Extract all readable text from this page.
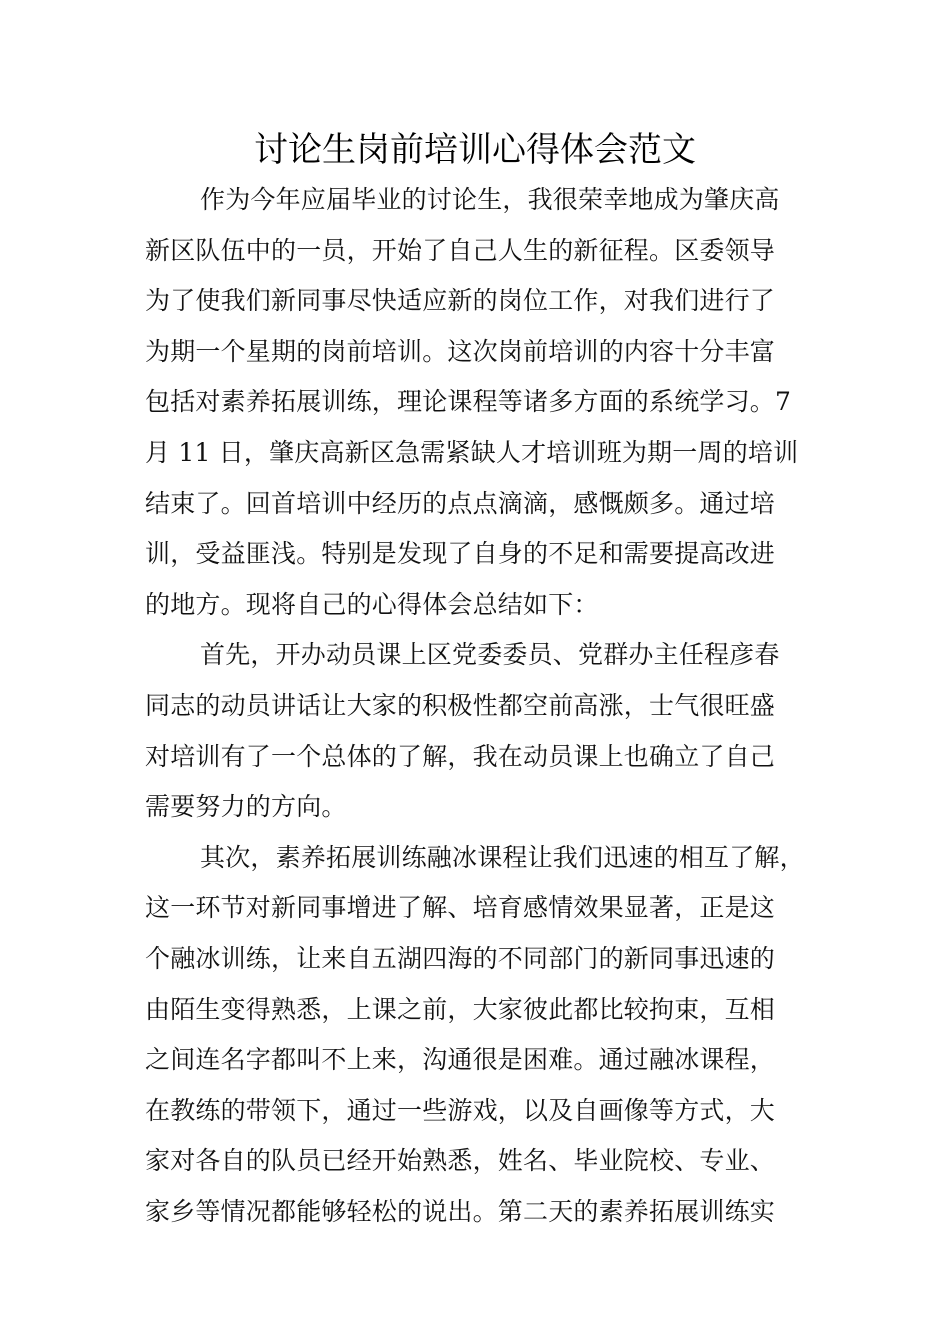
讨论生岗前培训心得体会范文
作为今年应届毕业的讨论生，我很荣幸地成为肇庆高
新区队伍中的一员，开始了自己人生的新征程。区委领导
为了使我们新同事尽快适应新的岗位工作，对我们进行了
为期一个星期的岗前培训。这次岗前培训的内容十分丰富
包括对素养拓展训练，理论课程等诸多方面的系统学习。7
月 11 日，肇庆高新区急需紧缺人才培训班为期一周的培训
结束了。回首培训中经历的点点滴滴，感慨颇多。通过培
训，受益匪浅。特别是发现了自身的不足和需要提高改进
的地方。现将自己的心得体会总结如下：
首先，开办动员课上区党委委员、党群办主任程彦春
同志的动员讲话让大家的积极性都空前高涨，士气很旺盛
对培训有了一个总体的了解，我在动员课上也确立了自己
需要努力的方向。
其次，素养拓展训练融冰课程让我们迅速的相互了解，
这一环节对新同事增进了解、培育感情效果显著，正是这
个融冰训练，让来自五湖四海的不同部门的新同事迅速的
由陌生变得熟悉，上课之前，大家彼此都比较拘束，互相
之间连名字都叫不上来，沟通很是困难。通过融冰课程，
在教练的带领下，通过一些游戏，以及自画像等方式，大
家对各自的队员已经开始熟悉，姓名、毕业院校、专业、
家乡等情况都能够轻松的说出。第二天的素养拓展训练实
